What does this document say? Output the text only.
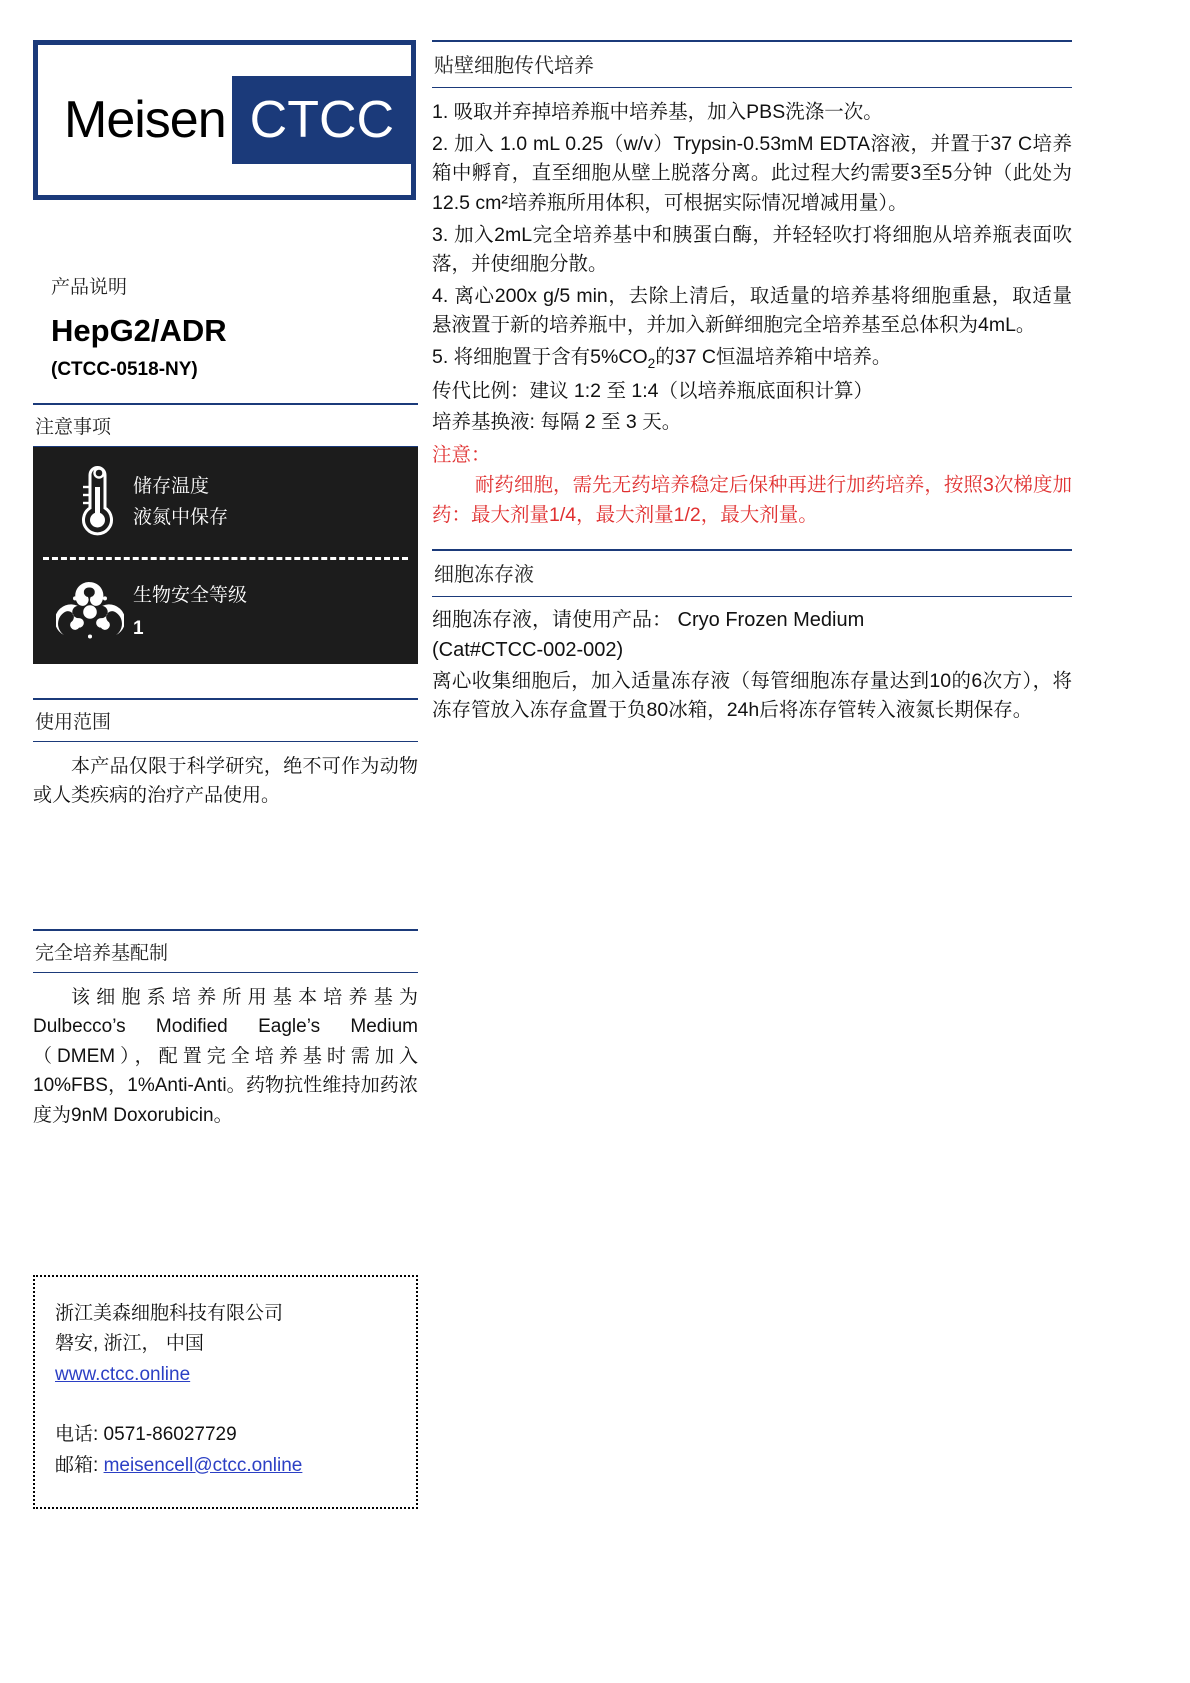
Meisen CTCC
产品说明
HepG2/ADR
(CTCC-0518-NY)
注意事项
储存温度
液氮中保存
生物安全等级
1
使用范围
本产品仅限于科学研究，绝不可作为动物或人类疾病的治疗产品使用。
完全培养基配制
该细胞系培养所用基本培养基为 Dulbecco’s Modified Eagle’s Medium（DMEM），配置完全培养基时需加入10%FBS，1%Anti-Anti。药物抗性维持加药浓度为9nM Doxorubicin。
浙江美森细胞科技有限公司
磐安, 浙江， 中国
www.ctcc.online
电话: 0571-86027729
邮箱: meisencell@ctcc.online
贴壁细胞传代培养
1. 吸取并弃掉培养瓶中培养基，加入PBS洗涤一次。
2. 加入 1.0 mL 0.25（w/v）Trypsin-0.53mM EDTA溶液，并置于37 C培养箱中孵育，直至细胞从壁上脱落分离。此过程大约需要3至5分钟（此处为12.5 cm²培养瓶所用体积，可根据实际情况增减用量）。
3. 加入2mL完全培养基中和胰蛋白酶，并轻轻吹打将细胞从培养瓶表面吹落，并使细胞分散。
4. 离心200x g/5 min，去除上清后，取适量的培养基将细胞重悬，取适量悬液置于新的培养瓶中，并加入新鲜细胞完全培养基至总体积为4mL。
5. 将细胞置于含有$5\%CO_2$的37 C恒温培养箱中培养。
传代比例：建议 1:2 至 1:4（以培养瓶底面积计算）
培养基换液: 每隔 2 至 3 天。
注意：
耐药细胞，需先无药培养稳定后保种再进行加药培养，按照3次梯度加药：最大剂量1/4，最大剂量1/2，最大剂量。
细胞冻存液
细胞冻存液，请使用产品： Cryo Frozen Medium
(Cat#CTCC-002-002)
离心收集细胞后，加入适量冻存液（每管细胞冻存量达到10的6次方），将冻存管放入冻存盒置于负80冰箱，24h后将冻存管转入液氮长期保存。
